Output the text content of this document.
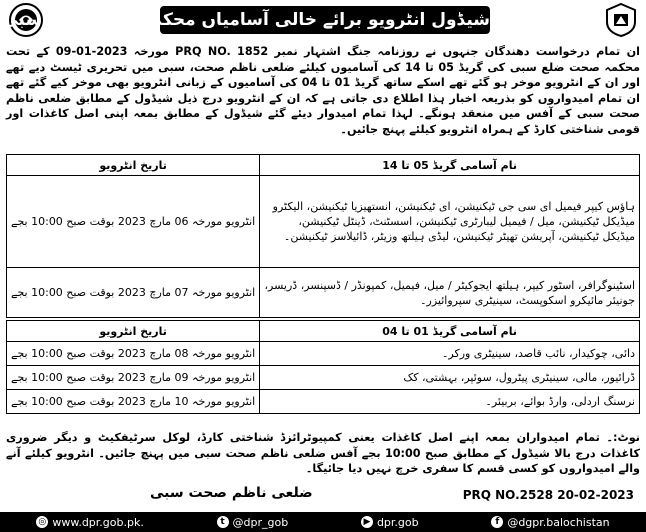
شیڈول انٹرویو برائے خالی آسامیاں محکمہ صحت ضلع سبی

ان تمام درخواست دھندگان جنہوں نے روزنامہ جنگ اشتہار نمبر PRQ NO. 1852 مورخہ 2023-01-09 کے تحت محکمہ صحت ضلع سبی کی گریڈ 05 تا 14 کی آسامیوں کیلئے ضلعی ناظم صحت، سبی میں تحریری ٹیسٹ دیے تھے اور ان کے انٹرویو موخر ہو گئے تھے اسکے ساتھ گریڈ 01 تا 04 کی آسامیوں کے زبانی انٹرویو بھی موخر کیے گئے تھے ان تمام امیدواروں کو بذریعہ اخبار ہذا اطلاع دی جاتی ہے کہ ان کے انٹرویو درج ذیل شیڈول کے مطابق ضلعی ناظم صحت سبی کے آفس میں منعقد ہونگے۔ لہذا تمام امیدوار دیئے گئے شیڈول کے مطابق بمعہ اپنی اصل کاغذات اور قومی شناختی کارڈ کے ہمراہ انٹرویو کیلئے پہنچ جائیں۔

نام آسامی گریڈ 05 تا 14	تاریخ انٹرویو
ہاؤس کیپر فیمیل ای سی جی ٹیکنیشن، ای ٹیکنیشن، انستھیزیا ٹیکنیشن، الیکٹرو میڈیکل ٹیکنیشن، میل / فیمیل لیبارٹری ٹیکنیشن، اسسٹنٹ، ڈینٹل ٹیکنیشن، میڈیکل ٹیکنیشن، آپریشن تھیٹر ٹیکنیشن، لیڈی ہیلتھ وزیٹر، ڈائیلاسز ٹیکنیشن۔	انٹرویو مورخہ 06 مارچ 2023 بوقت صبح 10:00 بجے
اسٹینوگرافر، اسٹور کیپر، ہیلتھ ایجوکیٹر / میل، فیمیل، کمپونڈر / ڈسپنسر، ڈریسر، جونیئر مائیکرو اسکوپسٹ، سینیٹری سپروائیزر۔	انٹرویو مورخہ 07 مارچ 2023 بوقت صبح 10:00 بجے
نام آسامی گریڈ 01 تا 04	تاریخ انٹرویو
دائی، چوکیدار، نائب قاصد، سینیٹری ورکر۔	انٹرویو مورخہ 08 مارچ 2023 بوقت صبح 10:00 بجے
ڈرائیور، مالی، سینیٹری پیٹرول، سوئپر، بہشتی، کک	انٹرویو مورخہ 09 مارچ 2023 بوقت صبح 10:00 بجے
نرسنگ اردلی، وارڈ بوائے، بربیئر۔	انٹرویو مورخہ 10 مارچ 2023 بوقت صبح 10:00 بجے

نوٹ:۔ تمام امیدواران بمعہ اپنے اصل کاغذات یعنی کمپیوٹرائزڈ شناختی کارڈ، لوکل سرٹیفکیٹ و دیگر ضروری کاغذات درج بالا شیڈول کے مطابق صبح 10:00 بجے آفس ضلعی ناظم صحت سبی میں پہنچ جائیں۔ انٹرویو کیلئے آنے والے امیدواروں کو کسی قسم کا سفری خرچ نہیں دیا جائیگا۔

ضلعی ناظم صحت سبی	PRQ NO.2528 20-02-2023
◎ www.dpr.gob.pk.	t @dpr_gob	▶ dpr.gob	f @dgpr.balochistan
